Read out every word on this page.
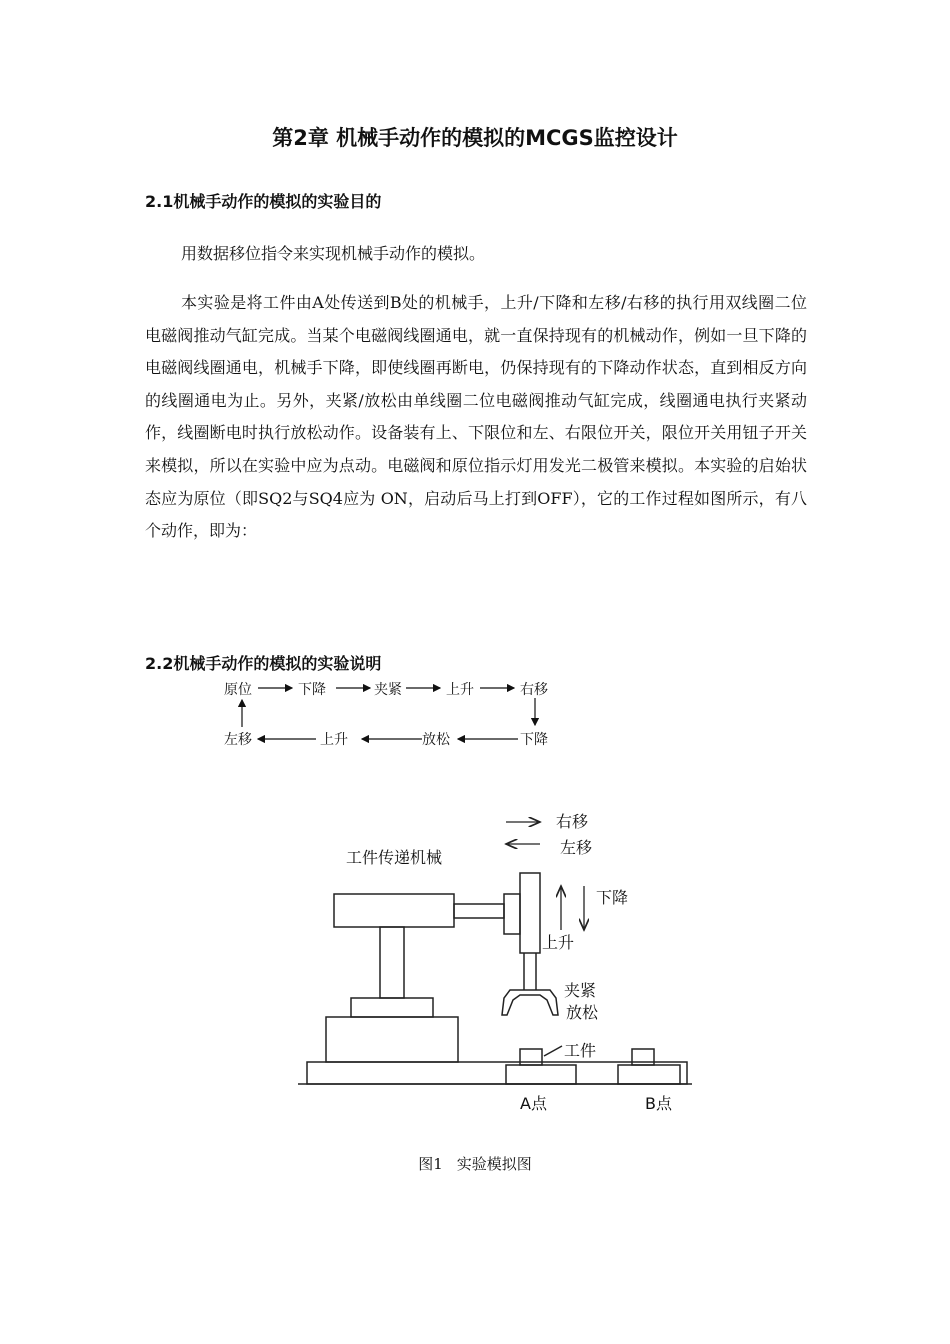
第2章 机械手动作的模拟的MCGS监控设计
2.1机械手动作的模拟的实验目的
用数据移位指令来实现机械手动作的模拟。
本实验是将工件由A处传送到B处的机械手，上升/下降和左移/右移的执行用双线圈二位电磁阀推动气缸完成。当某个电磁阀线圈通电，就一直保持现有的机械动作，例如一旦下降的电磁阀线圈通电，机械手下降，即使线圈再断电，仍保持现有的下降动作状态，直到相反方向的线圈通电为止。另外，夹紧/放松由单线圈二位电磁阀推动气缸完成，线圈通电执行夹紧动作，线圈断电时执行放松动作。设备装有上、下限位和左、右限位开关，限位开关用钮子开关来模拟，所以在实验中应为点动。电磁阀和原位指示灯用发光二极管来模拟。本实验的启始状态应为原位（即SQ2与SQ4应为 ON，启动后马上打到OFF），它的工作过程如图所示，有八个动作，即为：
2.2机械手动作的模拟的实验说明
原位	下降	夹紧	上升	右移
左移	上升	放松	下降
工件传递机械
右移
左移
下降
上升
夹紧
放松
工件
A点	B点
图1 实验模拟图
